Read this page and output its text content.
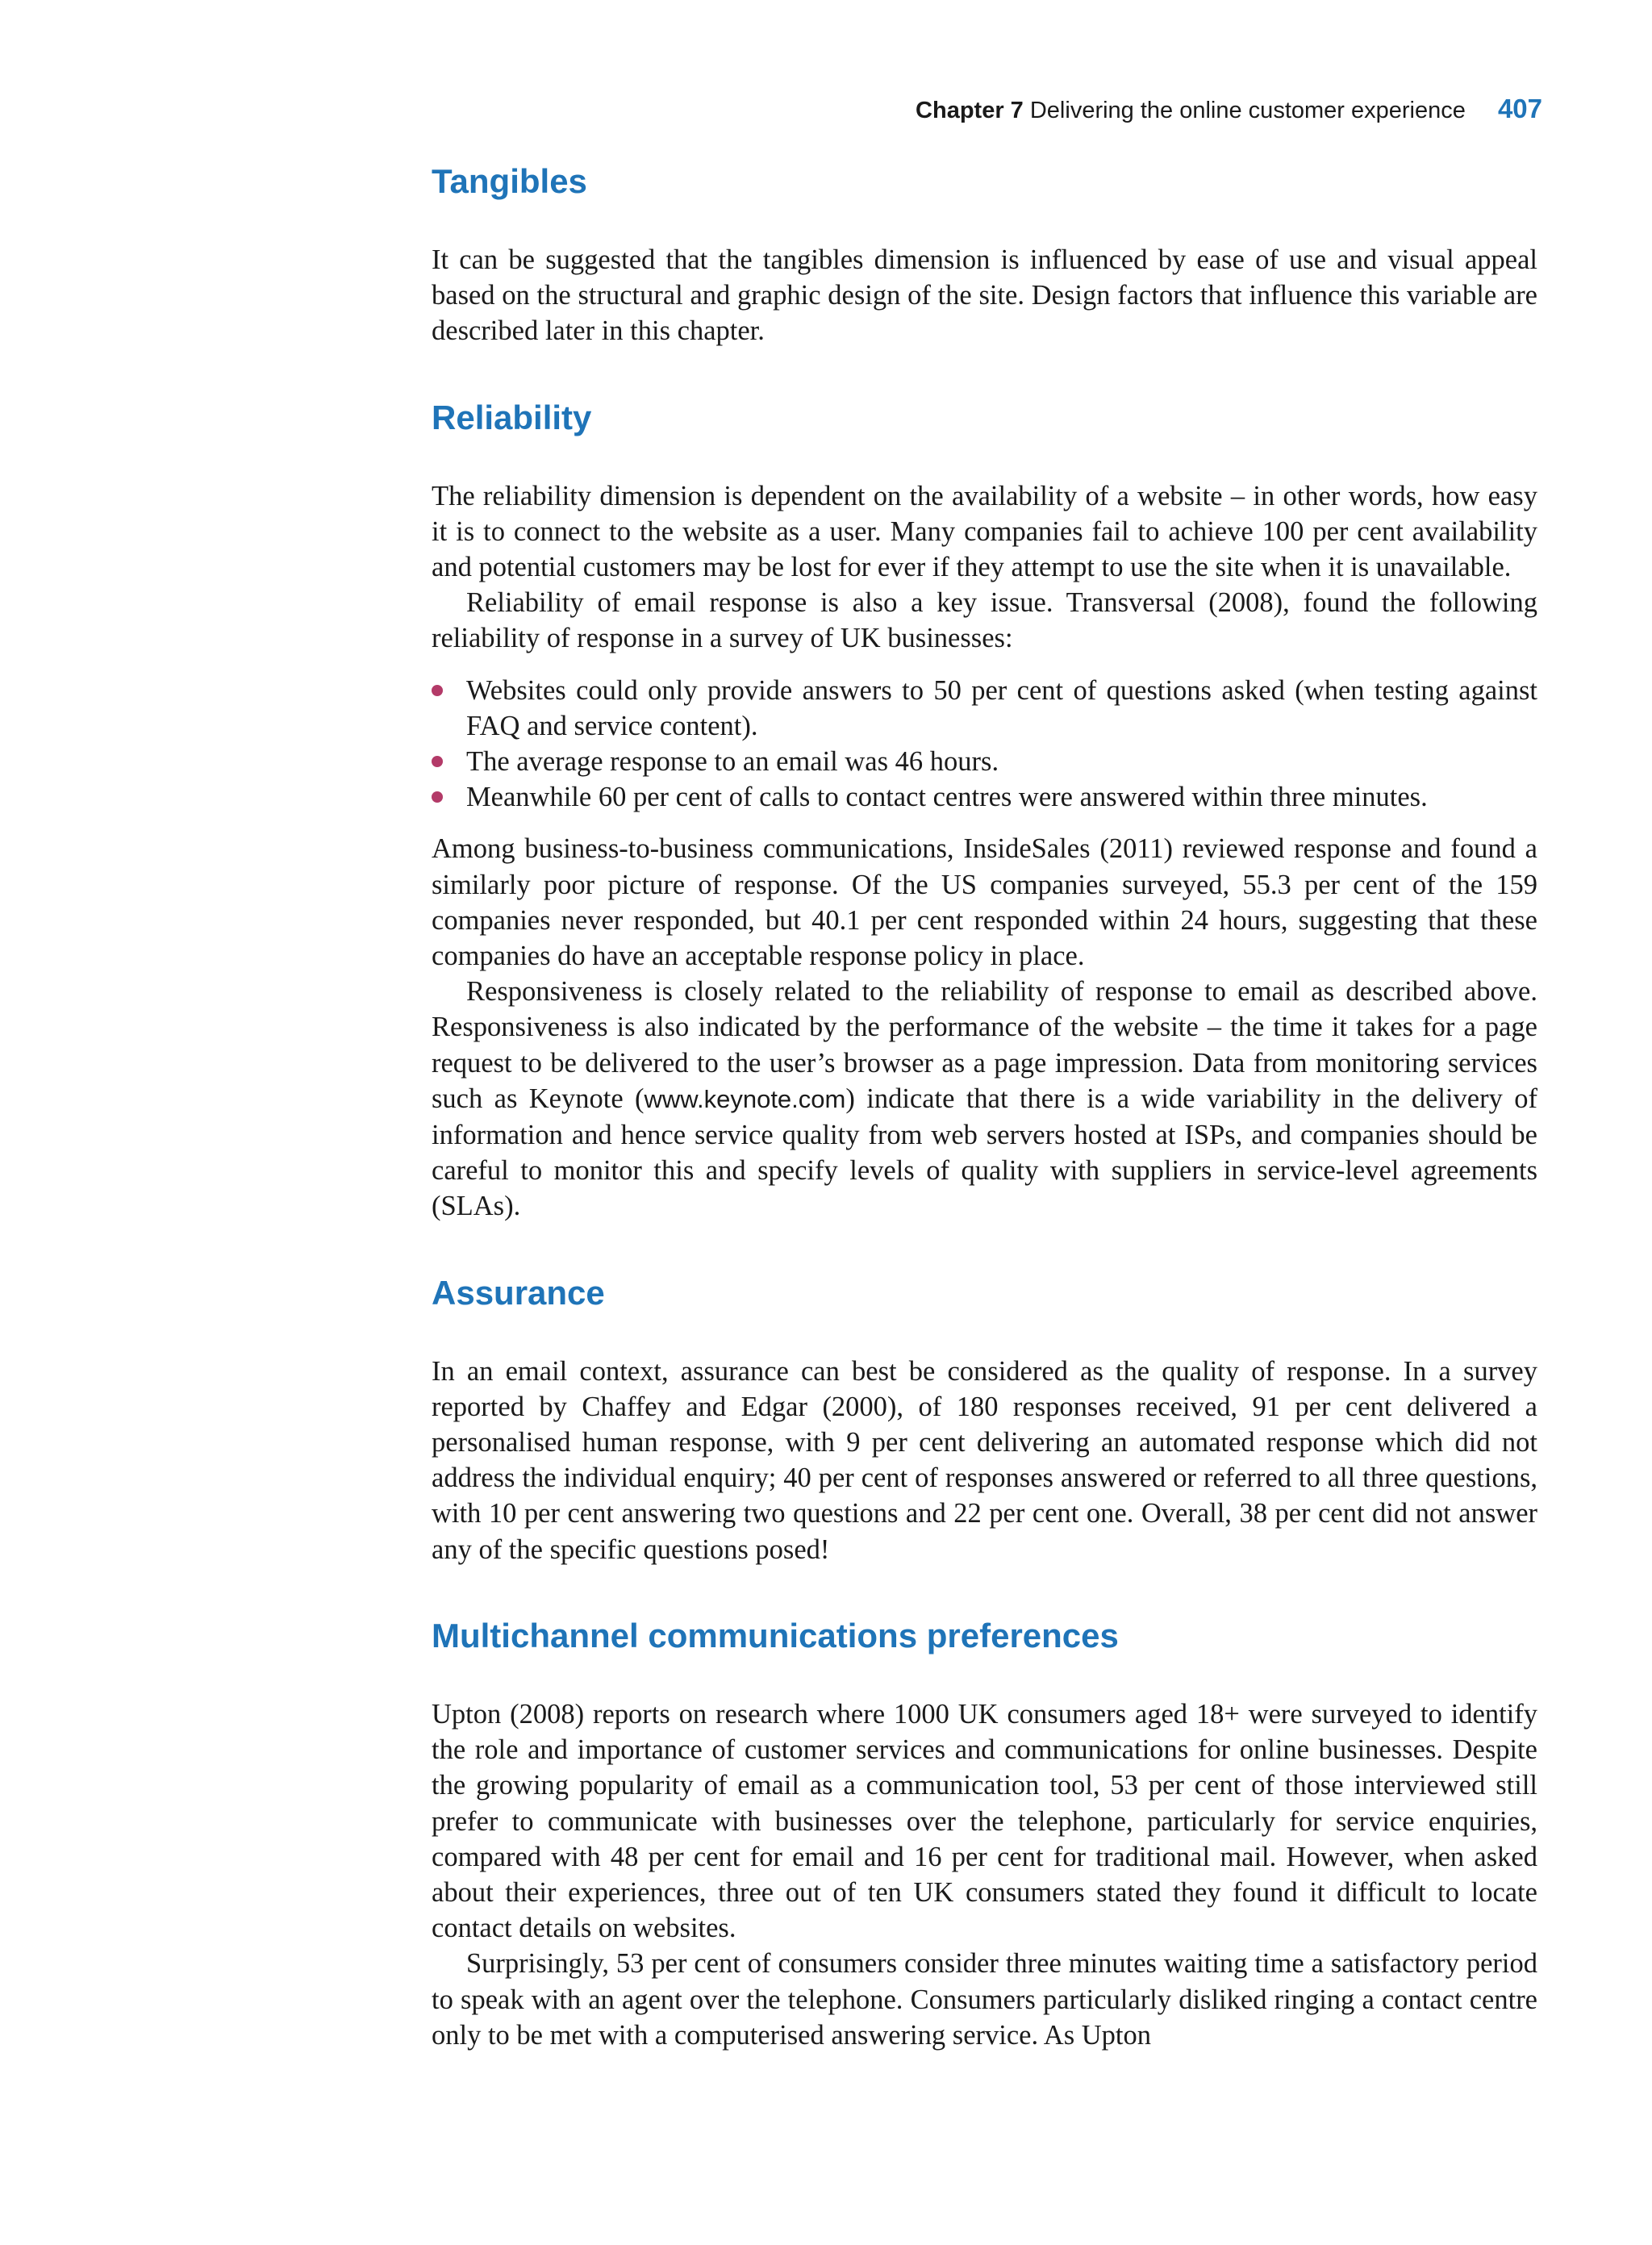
Chapter 7 Delivering the online customer experience 407
Tangibles

It can be suggested that the tangibles dimension is influenced by ease of use and visual appeal based on the structural and graphic design of the site. Design factors that influence this variable are described later in this chapter.

Reliability

The reliability dimension is dependent on the availability of a website – in other words, how easy it is to connect to the website as a user. Many companies fail to achieve 100 per cent availability and potential customers may be lost for ever if they attempt to use the site when it is unavailable.

Reliability of email response is also a key issue. Transversal (2008), found the following reliability of response in a survey of UK businesses:

Websites could only provide answers to 50 per cent of questions asked (when testing against FAQ and service content).
The average response to an email was 46 hours.
Meanwhile 60 per cent of calls to contact centres were answered within three minutes.

Among business-to-business communications, InsideSales (2011) reviewed response and found a similarly poor picture of response. Of the US companies surveyed, 55.3 per cent of the 159 companies never responded, but 40.1 per cent responded within 24 hours, suggesting that these companies do have an acceptable response policy in place.

Responsiveness is closely related to the reliability of response to email as described above. Responsiveness is also indicated by the performance of the website – the time it takes for a page request to be delivered to the user’s browser as a page impression. Data from monitoring services such as Keynote (www.keynote.com) indicate that there is a wide variability in the delivery of information and hence service quality from web servers hosted at ISPs, and companies should be careful to monitor this and specify levels of quality with suppliers in service-level agreements (SLAs).

Assurance

In an email context, assurance can best be considered as the quality of response. In a survey reported by Chaffey and Edgar (2000), of 180 responses received, 91 per cent delivered a personalised human response, with 9 per cent delivering an automated response which did not address the individual enquiry; 40 per cent of responses answered or referred to all three questions, with 10 per cent answering two questions and 22 per cent one. Overall, 38 per cent did not answer any of the specific questions posed!

Multichannel communications preferences

Upton (2008) reports on research where 1000 UK consumers aged 18+ were surveyed to identify the role and importance of customer services and communications for online businesses. Despite the growing popularity of email as a communication tool, 53 per cent of those interviewed still prefer to communicate with businesses over the telephone, particularly for service enquiries, compared with 48 per cent for email and 16 per cent for traditional mail. However, when asked about their experiences, three out of ten UK consumers stated they found it difficult to locate contact details on websites.

Surprisingly, 53 per cent of consumers consider three minutes waiting time a satisfactory period to speak with an agent over the telephone. Consumers particularly disliked ringing a contact centre only to be met with a computerised answering service. As Upton
